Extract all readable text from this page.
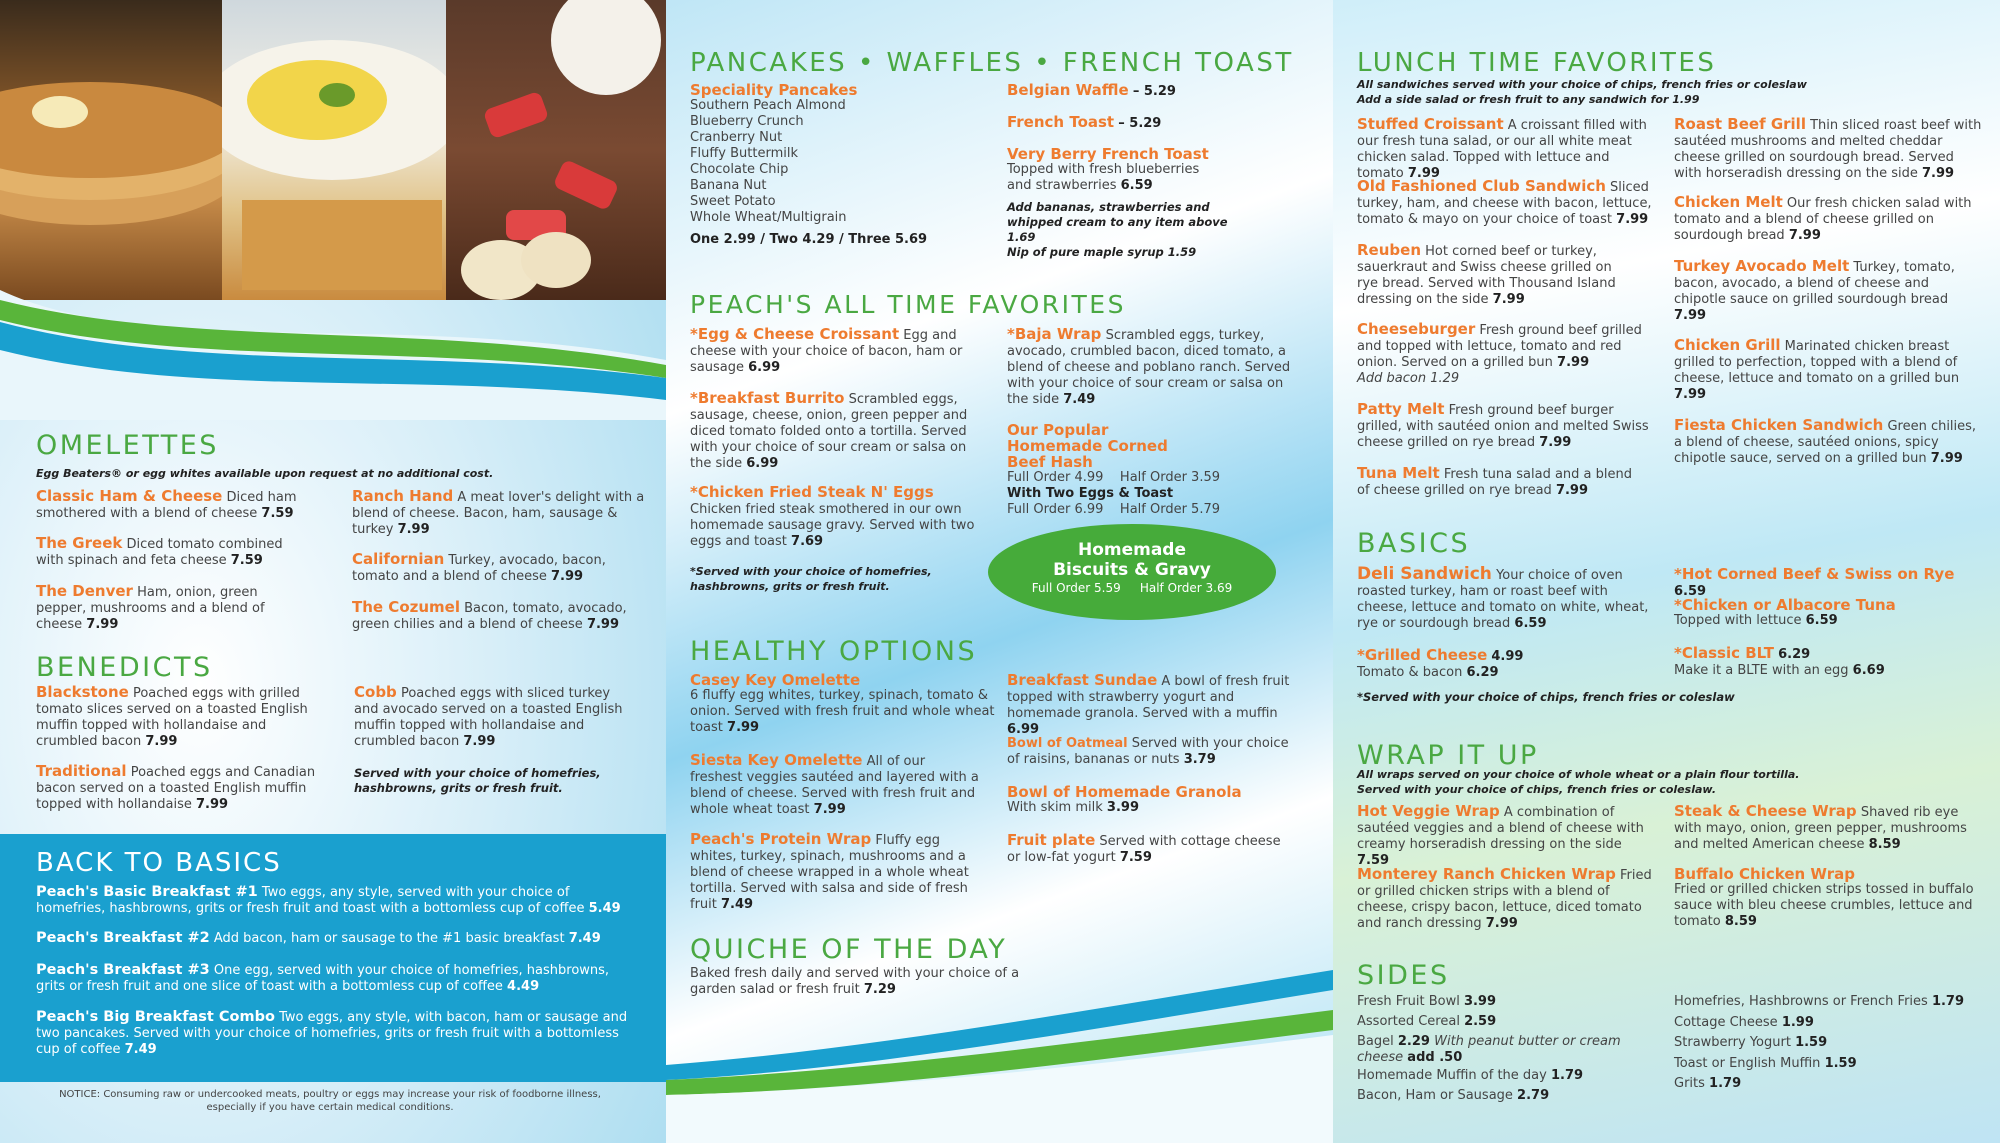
OMELETTES
Egg Beaters® or egg whites available upon request at no additional cost.
Classic Ham & Cheese Diced ham smothered with a blend of cheese 7.59
The Greek Diced tomato combined with spinach and feta cheese 7.59
The Denver Ham, onion, green pepper, mushrooms and a blend of cheese 7.99
Ranch Hand A meat lover's delight with a blend of cheese. Bacon, ham, sausage & turkey 7.99
Californian Turkey, avocado, bacon, tomato and a blend of cheese 7.99
The Cozumel Bacon, tomato, avocado, green chilies and a blend of cheese 7.99
BENEDICTS
Blackstone Poached eggs with grilled tomato slices served on a toasted English muffin topped with hollandaise and crumbled bacon 7.99
Traditional Poached eggs and Canadian bacon served on a toasted English muffin topped with hollandaise 7.99
Cobb Poached eggs with sliced turkey and avocado served on a toasted English muffin topped with hollandaise and crumbled bacon 7.99
Served with your choice of homefries, hashbrowns, grits or fresh fruit.
BACK TO BASICS
Peach's Basic Breakfast #1 Two eggs, any style, served with your choice of homefries, hashbrowns, grits or fresh fruit and toast with a bottomless cup of coffee 5.49
Peach's Breakfast #2 Add bacon, ham or sausage to the #1 basic breakfast 7.49
Peach's Breakfast #3 One egg, served with your choice of homefries, hashbrowns, grits or fresh fruit and one slice of toast with a bottomless cup of coffee 4.49
Peach's Big Breakfast Combo Two eggs, any style, with bacon, ham or sausage and two pancakes. Served with your choice of homefries, grits or fresh fruit with a bottomless cup of coffee 7.49
NOTICE: Consuming raw or undercooked meats, poultry or eggs may increase your risk of foodborne illness, especially if you have certain medical conditions.
PANCAKES • WAFFLES • FRENCH TOAST
Speciality Pancakes
Southern Peach Almond
Blueberry Crunch
Cranberry Nut
Fluffy Buttermilk
Chocolate Chip
Banana Nut
Sweet Potato
Whole Wheat/Multigrain
One 2.99 / Two 4.29 / Three 5.69
Belgian Waffle – 5.29
French Toast – 5.29
Very Berry French Toast
Topped with fresh blueberries and strawberries 6.59
Add bananas, strawberries and whipped cream to any item above 1.69
Nip of pure maple syrup 1.59
PEACH'S ALL TIME FAVORITES
*Egg & Cheese Croissant Egg and cheese with your choice of bacon, ham or sausage 6.99
*Breakfast Burrito Scrambled eggs, sausage, cheese, onion, green pepper and diced tomato folded onto a tortilla. Served with your choice of sour cream or salsa on the side 6.99
*Chicken Fried Steak N' Eggs Chicken fried steak smothered in our own homemade sausage gravy. Served with two eggs and toast 7.69
*Served with your choice of homefries, hashbrowns, grits or fresh fruit.
*Baja Wrap Scrambled eggs, turkey, avocado, crumbled bacon, diced tomato, a blend of cheese and poblano ranch. Served with your choice of sour cream or salsa on the side 7.49
Our Popular Homemade Corned Beef Hash
Full Order 4.99 Half Order 3.59
With Two Eggs & Toast
Full Order 6.99 Half Order 5.79
Homemade
Biscuits & Gravy
Full Order 5.59 Half Order 3.69
HEALTHY OPTIONS
Casey Key Omelette
6 fluffy egg whites, turkey, spinach, tomato & onion. Served with fresh fruit and whole wheat toast 7.99
Siesta Key Omelette All of our freshest veggies sautéed and layered with a blend of cheese. Served with fresh fruit and whole wheat toast 7.99
Peach's Protein Wrap Fluffy egg whites, turkey, spinach, mushrooms and a blend of cheese wrapped in a whole wheat tortilla. Served with salsa and side of fresh fruit 7.49
Breakfast Sundae A bowl of fresh fruit topped with strawberry yogurt and homemade granola. Served with a muffin 6.99
Bowl of Oatmeal Served with your choice of raisins, bananas or nuts 3.79
Bowl of Homemade Granola
With skim milk 3.99
Fruit plate Served with cottage cheese or low-fat yogurt 7.59
QUICHE OF THE DAY
Baked fresh daily and served with your choice of a garden salad or fresh fruit 7.29
LUNCH TIME FAVORITES
All sandwiches served with your choice of chips, french fries or coleslaw
Add a side salad or fresh fruit to any sandwich for 1.99
Stuffed Croissant A croissant filled with our fresh tuna salad, or our all white meat chicken salad. Topped with lettuce and tomato 7.99
Old Fashioned Club Sandwich Sliced turkey, ham, and cheese with bacon, lettuce, tomato & mayo on your choice of toast 7.99
Reuben Hot corned beef or turkey, sauerkraut and Swiss cheese grilled on rye bread. Served with Thousand Island dressing on the side 7.99
Cheeseburger Fresh ground beef grilled and topped with lettuce, tomato and red onion. Served on a grilled bun 7.99
Add bacon 1.29
Patty Melt Fresh ground beef burger grilled, with sautéed onion and melted Swiss cheese grilled on rye bread 7.99
Tuna Melt Fresh tuna salad and a blend of cheese grilled on rye bread 7.99
Roast Beef Grill Thin sliced roast beef with sautéed mushrooms and melted cheddar cheese grilled on sourdough bread. Served with horseradish dressing on the side 7.99
Chicken Melt Our fresh chicken salad with tomato and a blend of cheese grilled on sourdough bread 7.99
Turkey Avocado Melt Turkey, tomato, bacon, avocado, a blend of cheese and chipotle sauce on grilled sourdough bread 7.99
Chicken Grill Marinated chicken breast grilled to perfection, topped with a blend of cheese, lettuce and tomato on a grilled bun 7.99
Fiesta Chicken Sandwich Green chilies, a blend of cheese, sautéed onions, spicy chipotle sauce, served on a grilled bun 7.99
BASICS
Deli Sandwich Your choice of oven roasted turkey, ham or roast beef with cheese, lettuce and tomato on white, wheat, rye or sourdough bread 6.59
*Grilled Cheese 4.99
Tomato & bacon 6.29
*Hot Corned Beef & Swiss on Rye 6.59
*Chicken or Albacore Tuna
Topped with lettuce 6.59
*Classic BLT 6.29
Make it a BLTE with an egg 6.69
*Served with your choice of chips, french fries or coleslaw
WRAP IT UP
All wraps served on your choice of whole wheat or a plain flour tortilla.
Served with your choice of chips, french fries or coleslaw.
Hot Veggie Wrap A combination of sautéed veggies and a blend of cheese with creamy horseradish dressing on the side 7.59
Monterey Ranch Chicken Wrap Fried or grilled chicken strips with a blend of cheese, crispy bacon, lettuce, diced tomato and ranch dressing 7.99
Steak & Cheese Wrap Shaved rib eye with mayo, onion, green pepper, mushrooms and melted American cheese 8.59
Buffalo Chicken Wrap
Fried or grilled chicken strips tossed in buffalo sauce with bleu cheese crumbles, lettuce and tomato 8.59
SIDES
Fresh Fruit Bowl 3.99
Assorted Cereal 2.59
Bagel 2.29 With peanut butter or cream cheese add .50
Homemade Muffin of the day 1.79
Bacon, Ham or Sausage 2.79
Homefries, Hashbrowns or French Fries 1.79
Cottage Cheese 1.99
Strawberry Yogurt 1.59
Toast or English Muffin 1.59
Grits 1.79
